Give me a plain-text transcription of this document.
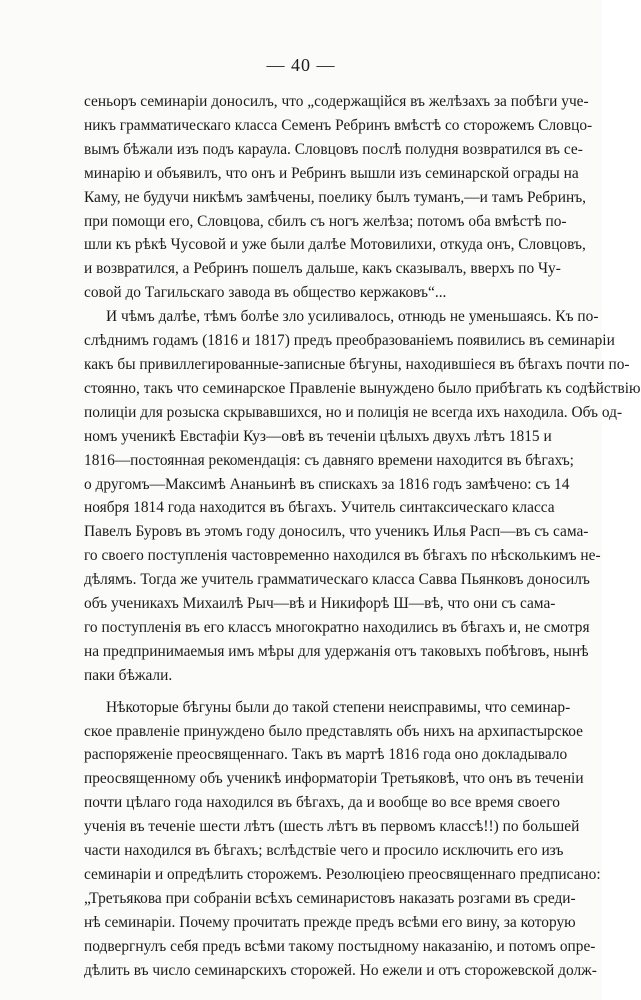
— 40 —
сеньоръ семинаріи доносилъ, что „содержащійся въ желѣзахъ за побѣги уче-
никъ грамматическаго класса Семенъ Ребринъ вмѣстѣ со сторожемъ Словцо-
вымъ бѣжали изъ подъ караула. Словцовъ послѣ полудня возвратился въ се-
минарію и объявилъ, что онъ и Ребринъ вышли изъ семинарской ограды на
Каму, не будучи никѣмъ замѣчены, поелику былъ туманъ,—и тамъ Ребринъ,
при помощи его, Словцова, сбилъ съ ногъ желѣза; потомъ оба вмѣстѣ по-
шли къ рѣкѣ Чусовой и уже были далѣе Мотовилихи, откуда онъ, Словцовъ,
и возвратился, а Ребринъ пошелъ дальше, какъ сказывалъ, вверхъ по Чу-
совой до Тагильскаго завода въ общество кержаковъ“...
И чѣмъ далѣе, тѣмъ болѣе зло усиливалось, отнюдь не уменьшаясь. Къ по-
слѣднимъ годамъ (1816 и 1817) предъ преобразованіемъ появились въ семинаріи
какъ бы привиллегированные-записные бѣгуны, находившіеся въ бѣгахъ почти по-
стоянно, такъ что семинарское Правленіе вынуждено было прибѣгать къ содѣйствію
полиціи для розыска скрывавшихся, но и полиція не всегда ихъ находила. Объ од-
номъ ученикѣ Евстафіи Куз—овѣ въ теченіи цѣлыхъ двухъ лѣтъ 1815 и
1816—постоянная рекомендація: съ давняго времени находится въ бѣгахъ;
о другомъ—Максимѣ Ананьинѣ въ спискахъ за 1816 годъ замѣчено: съ 14
ноября 1814 года находится въ бѣгахъ. Учитель синтаксическаго класса
Павелъ Буровъ въ этомъ году доносилъ, что ученикъ Илья Расп—въ съ сама-
го своего поступленія частовременно находился въ бѣгахъ по нѣсколькимъ не-
дѣлямъ. Тогда же учитель грамматическаго класса Савва Пьянковъ доносилъ
объ ученикахъ Михаилѣ Рыч—вѣ и Никифорѣ Ш—вѣ, что они съ сама-
го поступленія въ его классъ многократно находились въ бѣгахъ и, не смотря
на предпринимаемыя имъ мѣры для удержанія отъ таковыхъ побѣговъ, нынѣ
паки бѣжали.
Нѣкоторые бѣгуны были до такой степени неисправимы, что семинар-
ское правленіе принуждено было представлять объ нихъ на архипастырское
распоряженіе преосвященнаго. Такъ въ мартѣ 1816 года оно докладывало
преосвященному объ ученикѣ информаторіи Третьяковѣ, что онъ въ теченіи
почти цѣлаго года находился въ бѣгахъ, да и вообще во все время своего
ученія въ теченіе шести лѣтъ (шесть лѣтъ въ первомъ классѣ!!) по большей
части находился въ бѣгахъ; вслѣдствіе чего и просило исключить его изъ
семинаріи и опредѣлить сторожемъ. Резолюціею преосвященнаго предписано:
„Третьякова при собраніи всѣхъ семинаристовъ наказать розгами въ среди-
нѣ семинаріи. Почему прочитать прежде предъ всѣми его вину, за которую
подвергнулъ себя предъ всѣми такому постыдному наказанію, и потомъ опре-
дѣлить въ число семинарскихъ сторожей. Но ежели и отъ сторожевской долж-
